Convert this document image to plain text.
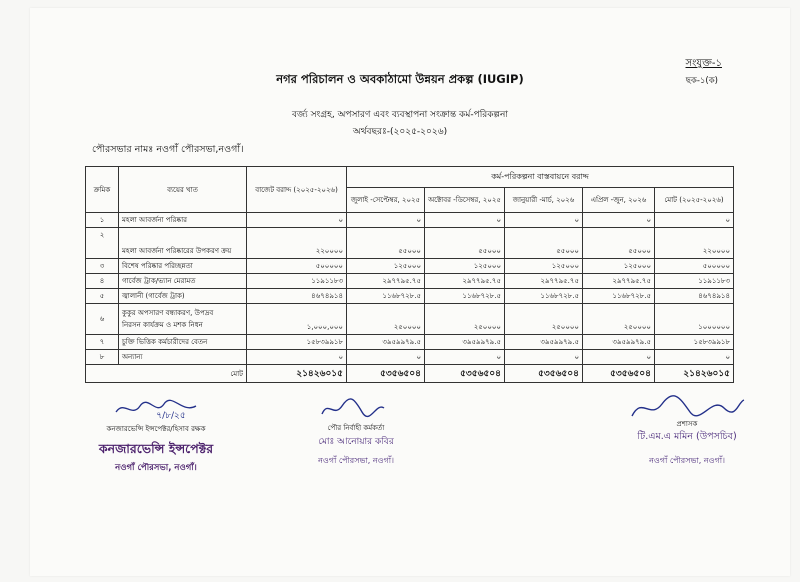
সংযুক্ত-১
ছক-১(ক)
নগর পরিচালন ও অবকাঠামো উন্নয়ন প্রকল্প (IUGIP)
বর্জ্য সংগ্রহ, অপসারণ এবং ব্যবস্থাপনা সংক্রান্ত কর্ম-পরিকল্পনা
অর্থবছরঃ-(২০২৫-২০২৬)
পৌরসভার নামঃ নওগাঁ পৌরসভা,নওগাঁ।
ক্রমিক	ব্যয়ের খাত	বাজেট বরাদ্দ (২০২৫-২০২৬)	কর্ম-পরিকল্পনা বাস্তবায়নে বরাদ্দ				
			জুলাই -সেপ্টেম্বর, ২০২৫	অক্টোবর -ডিসেম্বর, ২০২৫	জানুয়ারী -মার্চ, ২০২৬	এপ্রিল -জুন, ২০২৬	মোট (২০২৫-২০২৬)
১	মহলা আবর্জনা পরিষ্কার	০	০	০	০	০	০
২	মহলা আবর্জনা পরিষ্কারের উপকরণ ক্রয়	২২০০০০	৫৫০০০	৫৫০০০	৫৫০০০	৫৫০০০	২২০০০০
৩	বিশেষ পরিষ্কার পরিচ্ছন্নতা	৫০০০০০	১২৫০০০	১২৫০০০	১২৫০০০	১২৫০০০	৫০০০০০
৪	গার্বেজ ট্রাক/ভ্যান মেরামত	১১৯১১৮৩	২৯৭৭৯৫.৭৫	২৯৭৭৯৫.৭৫	২৯৭৭৯৫.৭৫	২৯৭৭৯৫.৭৫	১১৯১১৮৩
৫	জ্বালানী (গার্বেজ ট্রাক)	৪৬৭৪৯১৪	১১৬৮৭২৮.৫	১১৬৮৭২৮.৫	১১৬৮৭২৮.৫	১১৬৮৭২৮.৫	৪৬৭৪৯১৪
৬	কুকুর অপসারণ বন্ধাকরণ, উপদ্রব
নিরসন কার্যক্রম ও মশক নিধন	১,০০০,০০০	২৫০০০০	২৫০০০০	২৫০০০০	২৫০০০০	১০০০০০০
৭	চুক্তি ভিত্তিক কর্মচারীদের বেতন	১৫৮৩৯৯১৮	৩৯৫৯৯৭৯.৫	৩৯৫৯৯৭৯.৫	৩৯৫৯৯৭৯.৫	৩৯৫৯৯৭৯.৫	১৫৮৩৯৯১৮
৮	অন্যান্য	০	০	০	০	০	০
মোট		২১৪২৬০১৫	৫৩৫৬৫০৪	৫৩৫৬৫০৪	৫৩৫৬৫০৪	৫৩৫৬৫০৪	২১৪২৬০১৫
৭/৮/২৫
কনজারভেন্সি ইন্সপেক্টর/হিসাব রক্ষক
কনজারভেন্সি ইন্সপেক্টর
নওগাঁ পৌরসভা, নওগাঁ।
পৌর নির্বাহী কর্মকর্তা
মোঃ আনোয়ার কবির
নওগাঁ পৌরসভা, নওগাঁ।
প্রশাসক
টি.এম.এ মমিন (উপসচিব)
নওগাঁ পৌরসভা, নওগাঁ।
